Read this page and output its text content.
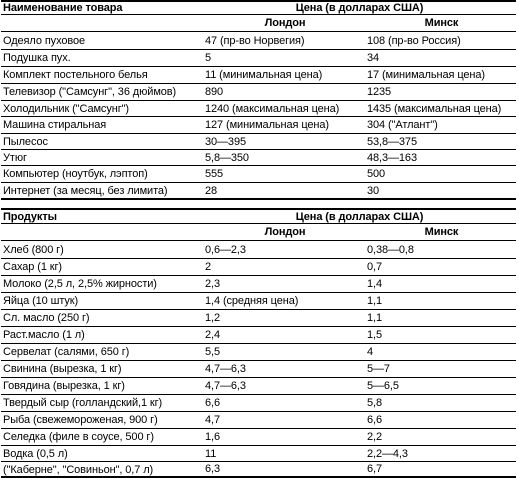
Наименование товара	Цена (в долларах США)
Лондон	Минск
Одеяло пуховое	47 (пр-во Норвегия)	108 (пр-во Россия)
Подушка пух.	5	34
Комплект постельного белья	11 (минимальная цена)	17 (минимальная цена)
Телевизор ("Самсунг", 36 дюймов)	890	1235
Холодильник ("Самсунг")	1240 (максимальная цена)	1435 (максимальная цена)
Машина стиральная	127 (минимальная цена)	304 ("Атлант")
Пылесос	30—395	53,8—375
Утюг	5,8—350	48,3—163
Компьютер (ноутбук, лэптоп)	555	500
Интернет (за месяц, без лимита)	28	30
Продукты	Цена (в долларах США)
Лондон	Минск
Хлеб (800 г)	0,6—2,3	0,38—0,8
Сахар (1 кг)	2	0,7
Молоко (2,5 л, 2,5% жирности)	2,3	1,4
Яйца (10 штук)	1,4 (средняя цена)	1,1
Сл. масло (250 г)	1,2	1,1
Раст.масло (1 л)	2,4	1,5
Сервелат (салями, 650 г)	5,5	4
Свинина (вырезка, 1 кг)	4,7—6,3	5—7
Говядина (вырезка, 1 кг)	4,7—6,3	5—6,5
Твердый сыр (голландский,1 кг)	6,6	5,8
Рыба (свежемороженая, 900 г)	4,7	6,6
Селедка (филе в соусе, 500 г)	1,6	2,2
Водка (0,5 л)	11	2,2—4,3
("Каберне", "Совиньон", 0,7 л)	6,3	6,7
